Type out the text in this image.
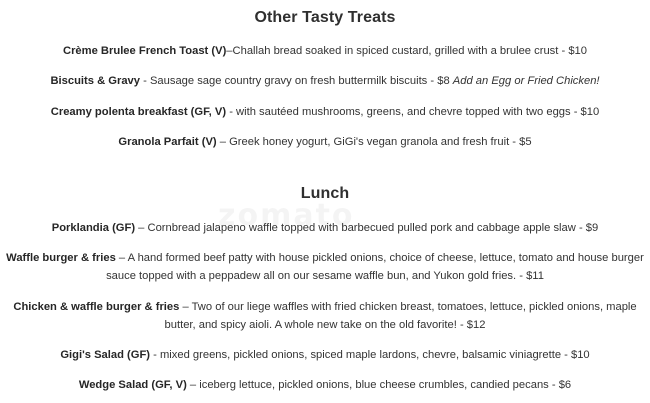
Other Tasty Treats
Crème Brulee French Toast (V)–Challah bread soaked in spiced custard, grilled with a brulee crust - $10
Biscuits & Gravy - Sausage sage country gravy on fresh buttermilk biscuits - $8 Add an Egg or Fried Chicken!
Creamy polenta breakfast (GF, V) - with sautéed mushrooms, greens, and chevre topped with two eggs - $10
Granola Parfait (V) – Greek honey yogurt, GiGi's vegan granola and fresh fruit - $5
Lunch
Porklandia (GF) – Cornbread jalapeno waffle topped with barbecued pulled pork and cabbage apple slaw - $9
Waffle burger & fries – A hand formed beef patty with house pickled onions, choice of cheese, lettuce, tomato and house burger sauce topped with a peppadew all on our sesame waffle bun, and Yukon gold fries. - $11
Chicken & waffle burger & fries – Two of our liege waffles with fried chicken breast, tomatoes, lettuce, pickled onions, maple butter, and spicy aioli. A whole new take on the old favorite! - $12
Gigi's Salad (GF) - mixed greens, pickled onions, spiced maple lardons, chevre, balsamic viniagrette - $10
Wedge Salad (GF, V) – iceberg lettuce, pickled onions, blue cheese crumbles, candied pecans - $6
